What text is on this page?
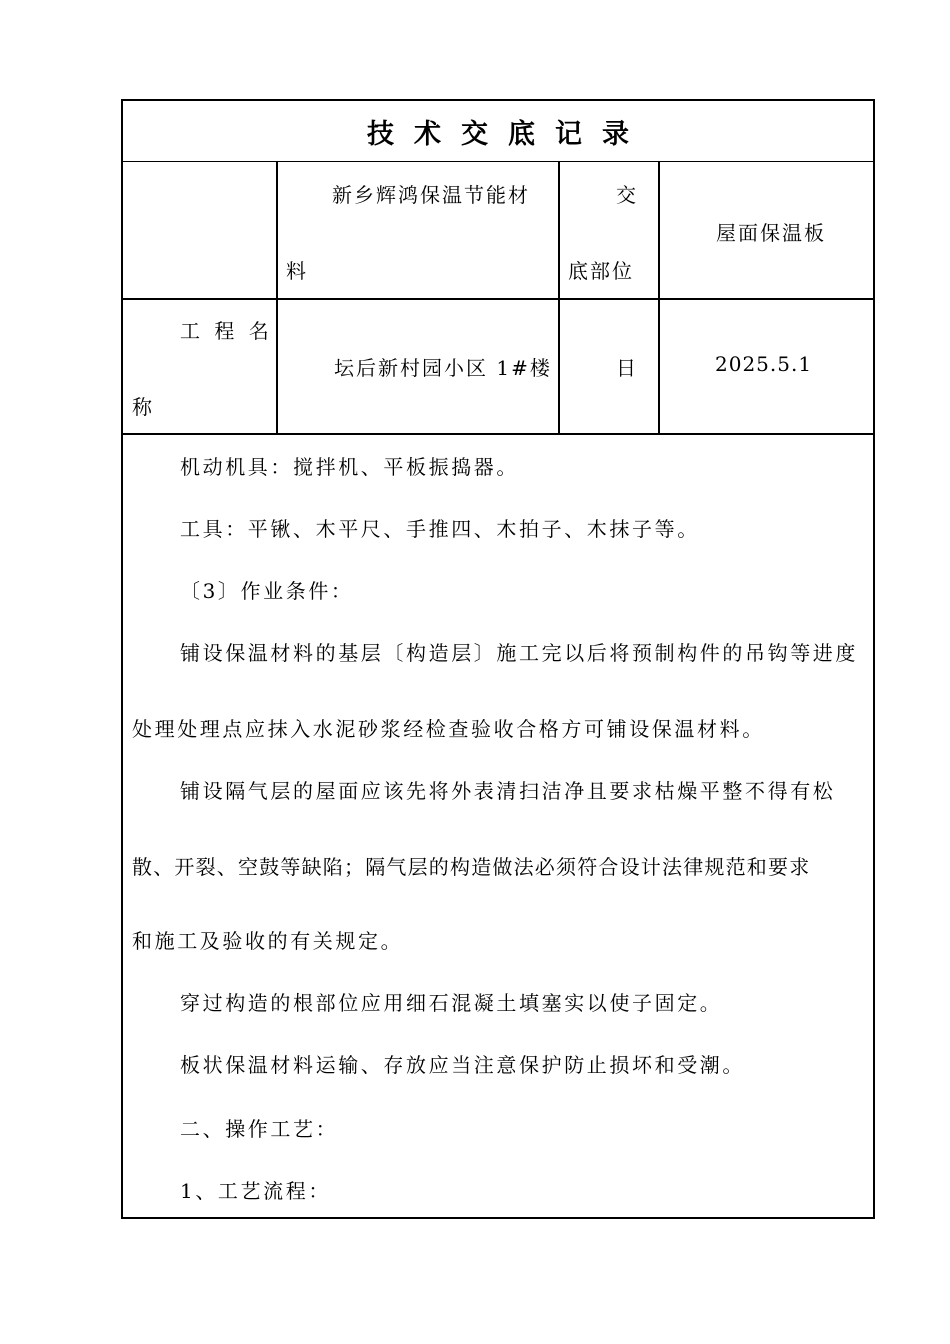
技术交底记录
新乡辉鸿保温节能材
料
交
底部位
屋面保温板
工 程 名
称
坛后新村园小区 1#楼	日	2025.5.1
机动机具：搅拌机、平板振捣器。
工具：平锹、木平尺、手推四、木拍子、木抹子等。
〔3〕作业条件：
铺设保温材料的基层〔构造层〕施工完以后将预制构件的吊钩等进度
处理处理点应抹入水泥砂浆经检查验收合格方可铺设保温材料。
铺设隔气层的屋面应该先将外表清扫洁净且要求枯燥平整不得有松
散、开裂、空鼓等缺陷；隔气层的构造做法必须符合设计法律规范和要求
和施工及验收的有关规定。
穿过构造的根部位应用细石混凝土填塞实以使子固定。
板状保温材料运输、存放应当注意保护防止损坏和受潮。
二、操作工艺：
1、工艺流程：
